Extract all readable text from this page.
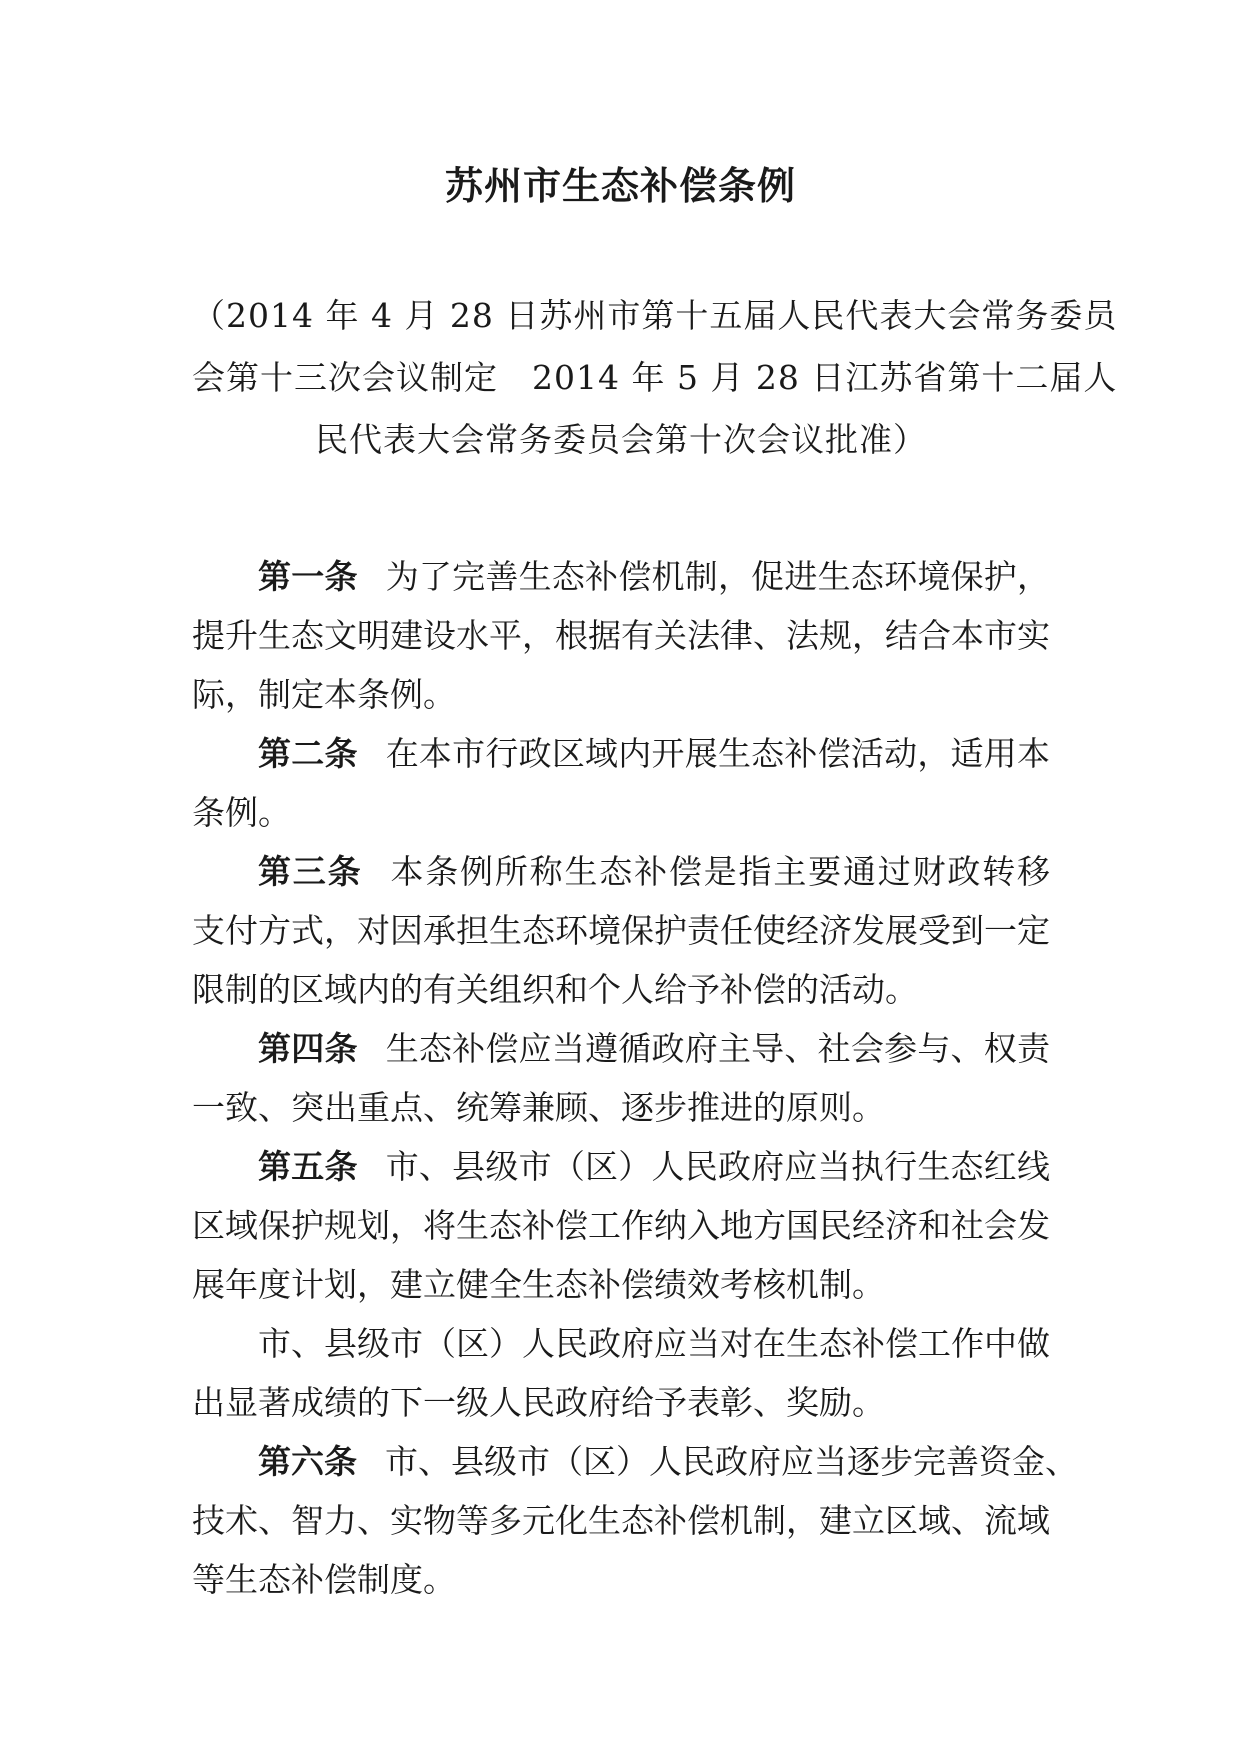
苏州市生态补偿条例
（2014 年 4 月 28 日苏州市第十五届人民代表大会常务委员
会第十三次会议制定　2014 年 5 月 28 日江苏省第十二届人
民代表大会常务委员会第十次会议批准）
第一条 为了完善生态补偿机制，促进生态环境保护，
提升生态文明建设水平，根据有关法律、法规，结合本市实
际，制定本条例。
第二条 在本市行政区域内开展生态补偿活动，适用本
条例。
第三条 本条例所称生态补偿是指主要通过财政转移
支付方式，对因承担生态环境保护责任使经济发展受到一定
限制的区域内的有关组织和个人给予补偿的活动。
第四条 生态补偿应当遵循政府主导、社会参与、权责
一致、突出重点、统筹兼顾、逐步推进的原则。
第五条 市、县级市（区）人民政府应当执行生态红线
区域保护规划，将生态补偿工作纳入地方国民经济和社会发
展年度计划，建立健全生态补偿绩效考核机制。
市、县级市（区）人民政府应当对在生态补偿工作中做
出显著成绩的下一级人民政府给予表彰、奖励。
第六条 市、县级市（区）人民政府应当逐步完善资金、
技术、智力、实物等多元化生态补偿机制，建立区域、流域
等生态补偿制度。
